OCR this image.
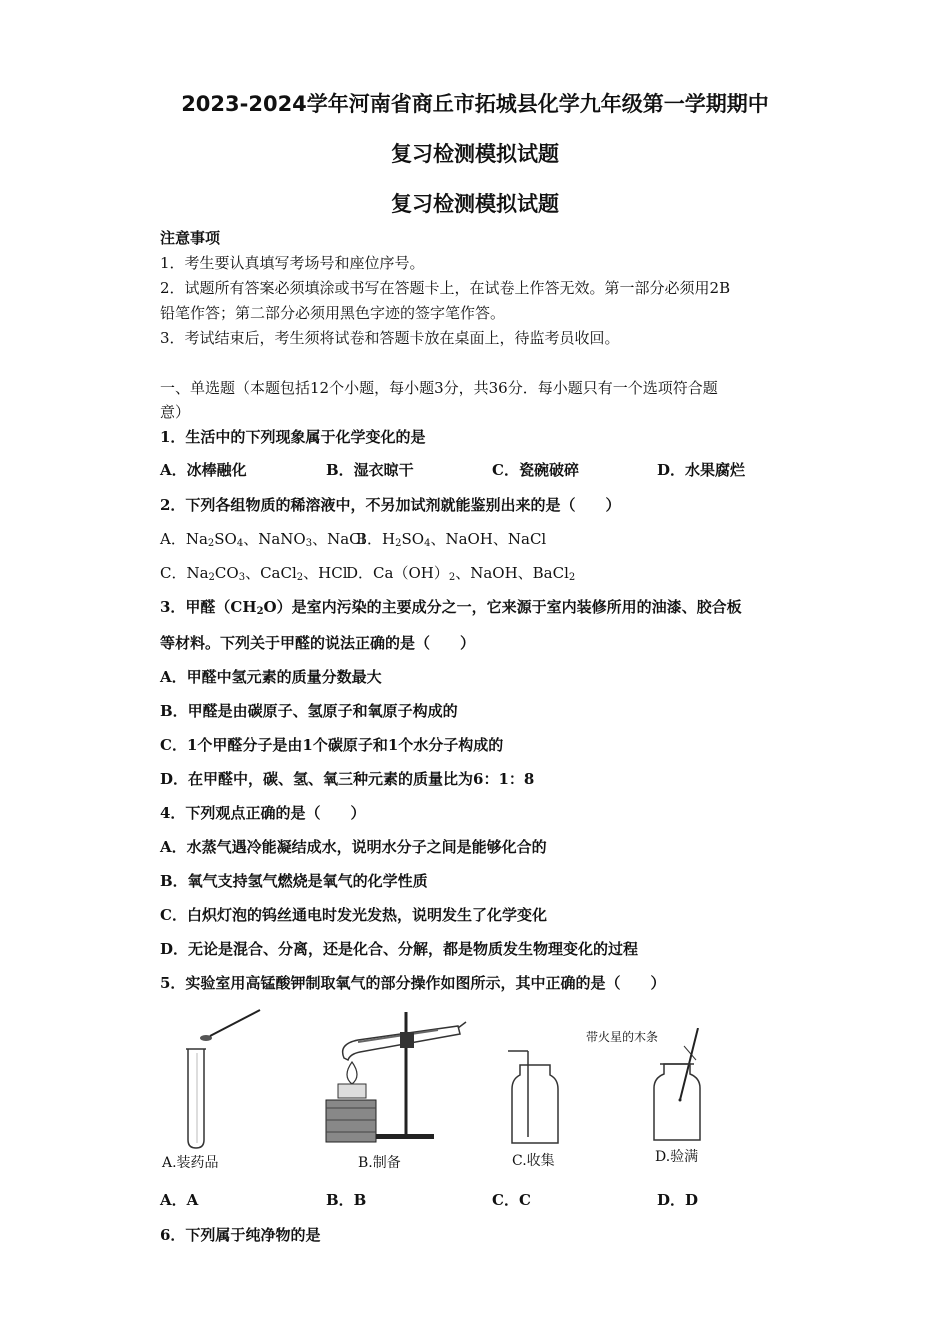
2023-2024学年河南省商丘市拓城县化学九年级第一学期期中
复习检测模拟试题
复习检测模拟试题
注意事项
1．考生要认真填写考场号和座位序号。
2．试题所有答案必须填涂或书写在答题卡上，在试卷上作答无效。第一部分必须用2B
铅笔作答；第二部分必须用黑色字迹的签字笔作答。
3．考试结束后，考生须将试卷和答题卡放在桌面上，待监考员收回。
一、单选题（本题包括12个小题，每小题3分，共36分．每小题只有一个选项符合题
意）
1．生活中的下列现象属于化学变化的是
A．冰棒融化	B．湿衣晾干	C．瓷碗破碎	D．水果腐烂
2．下列各组物质的稀溶液中，不另加试剂就能鉴别出来的是（　　）
A．$Na_2SO_4$、NaNO$_3$、NaCl
B．$H_2SO_4$、NaOH、NaCl
C．$Na_2CO_3$、CaCl$_2$、HCl
D．$Ca(OH)_2$、NaOH、BaCl$_2$
3．甲醛$(CH_2O)$是室内污染的主要成分之一，它来源于室内装修所用的油漆、胶合板
等材料。下列关于甲醛的说法正确的是（　　）
A．甲醛中氢元素的质量分数最大
B．甲醛是由碳原子、氢原子和氧原子构成的
C．1个甲醛分子是由1个碳原子和1个水分子构成的
D．在甲醛中，碳、氢、氧三种元素的质量比为6：1：8
4．下列观点正确的是（　　）
A．水蒸气遇冷能凝结成水，说明水分子之间是能够化合的
B．氧气支持氢气燃烧是氧气的化学性质
C．白炽灯泡的钨丝通电时发光发热，说明发生了化学变化
D．无论是混合、分离，还是化合、分解，都是物质发生物理变化的过程
5．实验室用高锰酸钾制取氧气的部分操作如图所示，其中正确的是（　　）
A.装药品	B.制备	C.收集
带火星的木条
D.验满
A．A	B．B	C．C	D．D
6．下列属于纯净物的是
